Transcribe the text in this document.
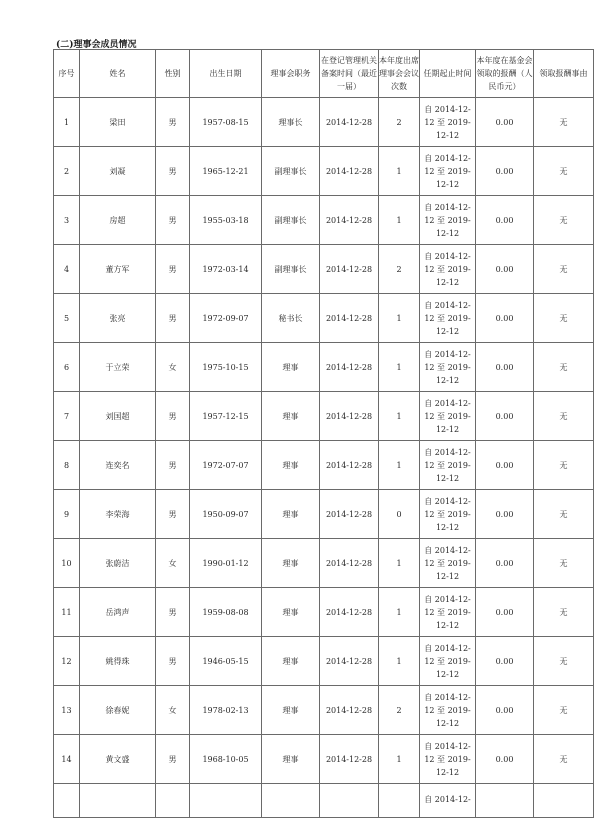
(二)理事会成员情况
序号	姓名	性别	出生日期	理事会职务	在登记管理机关备案时间（最近一届）	本年度出席理事会会议次数	任期起止时间	本年度在基金会领取的报酬（人民币元）	领取报酬事由
1	梁田	男	1957-08-15	理事长	2014-12-28	2	自 2014-12-
12 至 2019-
12-12	0.00	无
2	刘凝	男	1965-12-21	副理事长	2014-12-28	1	自 2014-12-
12 至 2019-
12-12	0.00	无
3	房超	男	1955-03-18	副理事长	2014-12-28	1	自 2014-12-
12 至 2019-
12-12	0.00	无
4	董方军	男	1972-03-14	副理事长	2014-12-28	2	自 2014-12-
12 至 2019-
12-12	0.00	无
5	张亮	男	1972-09-07	秘书长	2014-12-28	1	自 2014-12-
12 至 2019-
12-12	0.00	无
6	于立荣	女	1975-10-15	理事	2014-12-28	1	自 2014-12-
12 至 2019-
12-12	0.00	无
7	刘国超	男	1957-12-15	理事	2014-12-28	1	自 2014-12-
12 至 2019-
12-12	0.00	无
8	连奕名	男	1972-07-07	理事	2014-12-28	1	自 2014-12-
12 至 2019-
12-12	0.00	无
9	李荣海	男	1950-09-07	理事	2014-12-28	0	自 2014-12-
12 至 2019-
12-12	0.00	无
10	张蔚洁	女	1990-01-12	理事	2014-12-28	1	自 2014-12-
12 至 2019-
12-12	0.00	无
11	岳鸿声	男	1959-08-08	理事	2014-12-28	1	自 2014-12-
12 至 2019-
12-12	0.00	无
12	姚得珠	男	1946-05-15	理事	2014-12-28	1	自 2014-12-
12 至 2019-
12-12	0.00	无
13	徐春妮	女	1978-02-13	理事	2014-12-28	2	自 2014-12-
12 至 2019-
12-12	0.00	无
14	黄文盛	男	1968-10-05	理事	2014-12-28	1	自 2014-12-
12 至 2019-
12-12	0.00	无
							自 2014-12-		
